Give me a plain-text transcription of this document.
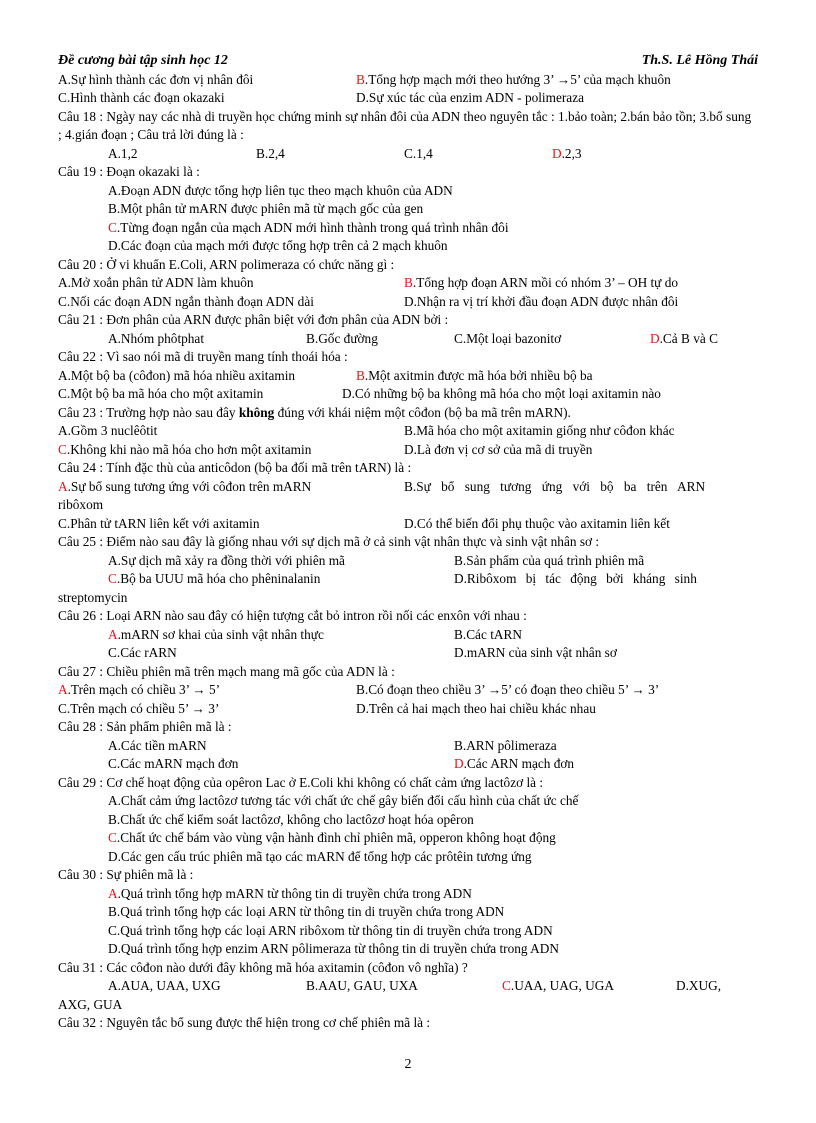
Đề cương bài tập sinh học 12	Th.S. Lê Hồng Thái
A.Sự hình thành các đơn vị nhân đôi	B.Tổng hợp mạch mới theo hướng 3’ →5’ của mạch khuôn
C.Hình thành các đoạn okazaki	D.Sự xúc tác của enzim ADN - polimeraza
Câu 18 : Ngày nay các nhà di truyền học chứng minh sự nhân đôi của ADN theo nguyên tắc : 1.bảo toàn; 2.bán bảo tồn; 3.bổ sung ; 4.gián đoạn ; Câu trả lời đúng là :
A.1,2	B.2,4	C.1,4	D.2,3
Câu 19 : Đoạn okazaki là :
A.Đoạn ADN được tổng hợp liên tục theo mạch khuôn của ADN
B.Một phân tử mARN được phiên mã từ mạch gốc của gen
C.Từng đoạn ngắn của mạch ADN mới hình thành trong quá trình nhân đôi
D.Các đoạn của mạch mới được tổng hợp trên cả 2 mạch khuôn
Câu 20 : Ở vi khuẩn E.Coli, ARN polimeraza có chức năng gì :
A.Mở xoắn phân tử ADN làm khuôn	B.Tổng hợp đoạn ARN mồi có nhóm 3’ – OH tự do
C.Nối các đoạn ADN ngắn thành đoạn ADN dài	D.Nhận ra vị trí khởi đầu đoạn ADN được nhân đôi
Câu 21 : Đơn phân của ARN được phân biệt với đơn phân của ADN bởi :
A.Nhóm phôtphat	B.Gốc đường	C.Một loại bazonitơ	D.Cả B và C
Câu 22 : Vì sao nói mã di truyền mang tính thoái hóa :
A.Một bộ ba (côđon) mã hóa nhiều axitamin	B.Một axitmin được mã hóa bởi nhiều bộ ba
C.Một bộ ba mã hóa cho một axitamin	D.Có những bộ ba không mã hóa cho một loại axitamin nào
Câu 23 : Trường hợp nào sau đây không đúng với khái niệm một côđon (bộ ba mã trên mARN).
A.Gồm 3 nuclêôtit	B.Mã hóa cho một axitamin giống như côđon khác
C.Không khi nào mã hóa cho hơn một axitamin	D.Là đơn vị cơ sở của mã di truyền
Câu 24 : Tính đặc thù của anticôdon (bộ ba đối mã trên tARN) là :
A.Sự bổ sung tương ứng với côđon trên mARN	B.Sự bổ sung tương ứng với bộ ba trên ARN
ribôxom
C.Phân tử tARN liên kết với axitamin	D.Có thể biến đổi phụ thuộc vào axitamin liên kết
Câu 25 : Điểm nào sau đây là giống nhau với sự dịch mã ở cả sinh vật nhân thực và sinh vật nhân sơ :
A.Sự dịch mã xảy ra đồng thời với phiên mã	B.Sản phẩm của quá trình phiên mã
C.Bộ ba UUU mã hóa cho phêninalanin	D.Ribôxom bị tác động bởi kháng sinh
streptomycin
Câu 26 : Loại ARN nào sau đây có hiện tượng cắt bỏ intron rồi nối các enxôn với nhau :
A.mARN sơ khai của sinh vật nhân thực	B.Các tARN
C.Các rARN	D.mARN của sinh vật nhân sơ
Câu 27 : Chiều phiên mã trên mạch mang mã gốc của ADN là :
A.Trên mạch có chiều 3’ → 5’	B.Có đoạn theo chiều 3’ →5’ có đoạn theo chiều 5’ → 3’
C.Trên mạch có chiều 5’ → 3’	D.Trên cả hai mạch theo hai chiều khác nhau
Câu 28 : Sản phẩm phiên mã là :
A.Các tiền mARN	B.ARN pôlimeraza
C.Các mARN mạch đơn	D.Các ARN mạch đơn
Câu 29 : Cơ chế hoạt động của opêron Lac ở E.Coli khi không có chất cảm ứng lactôzơ là :
A.Chất cảm ứng lactôzơ tương tác với chất ức chế gây biến đổi cấu hình của chất ức chế
B.Chất ức chế kiểm soát lactôzơ, không cho lactôzơ hoạt hóa opêron
C.Chất ức chế bám vào vùng vận hành đình chỉ phiên mã, opperon không hoạt động
D.Các gen cấu trúc phiên mã tạo các mARN để tổng hợp các prôtêin tương ứng
Câu 30 : Sự phiên mã là :
A.Quá trình tổng hợp mARN từ thông tin di truyền chứa trong ADN
B.Quá trình tổng hợp các loại ARN từ thông tin di truyền chứa trong ADN
C.Quá trình tổng hợp các loại ARN ribôxom từ thông tin di truyền chứa trong ADN
D.Quá trình tổng hợp enzim ARN pôlimeraza từ thông tin di truyền chứa trong ADN
Câu 31 : Các côđon nào dưới đây không mã hóa axitamin (côđon vô nghĩa) ?
A.AUA, UAA, UXG	B.AAU, GAU, UXA	C.UAA, UAG, UGA	D.XUG,
AXG, GUA
Câu 32 : Nguyên tắc bổ sung được thể hiện trong cơ chế phiên mã là :
2
